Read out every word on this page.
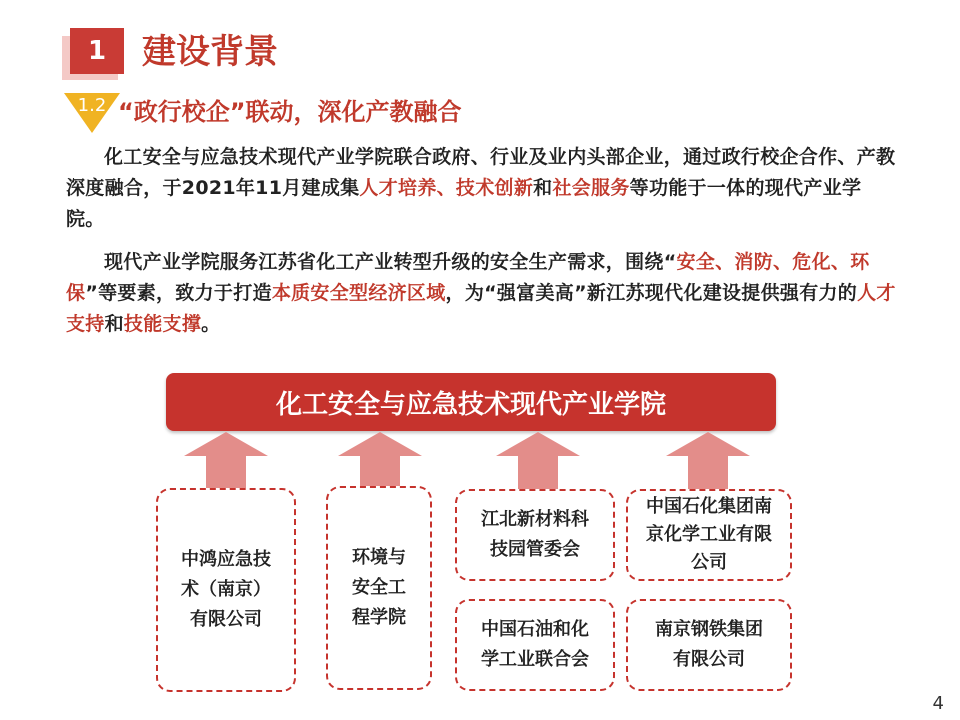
1	建设背景
1.2 “政行校企”联动，深化产教融合

化工安全与应急技术现代产业学院联合政府、行业及业内头部企业，通过政行校企合作、产教深度融合，于2021年11月建成集人才培养、技术创新和社会服务等功能于一体的现代产业学院。

现代产业学院服务江苏省化工产业转型升级的安全生产需求，围绕“安全、消防、危化、环保”等要素，致力于打造本质安全型经济区域，为“强富美高”新江苏现代化建设提供强有力的人才支持和技能支撑。

化工安全与应急技术现代产业学院
中鸿应急技术（南京）有限公司
环境与安全工程学院
江北新材料科技园管委会
中国石化集团南京化学工业有限公司
中国石油和化学工业联合会
南京钢铁集团有限公司
4
